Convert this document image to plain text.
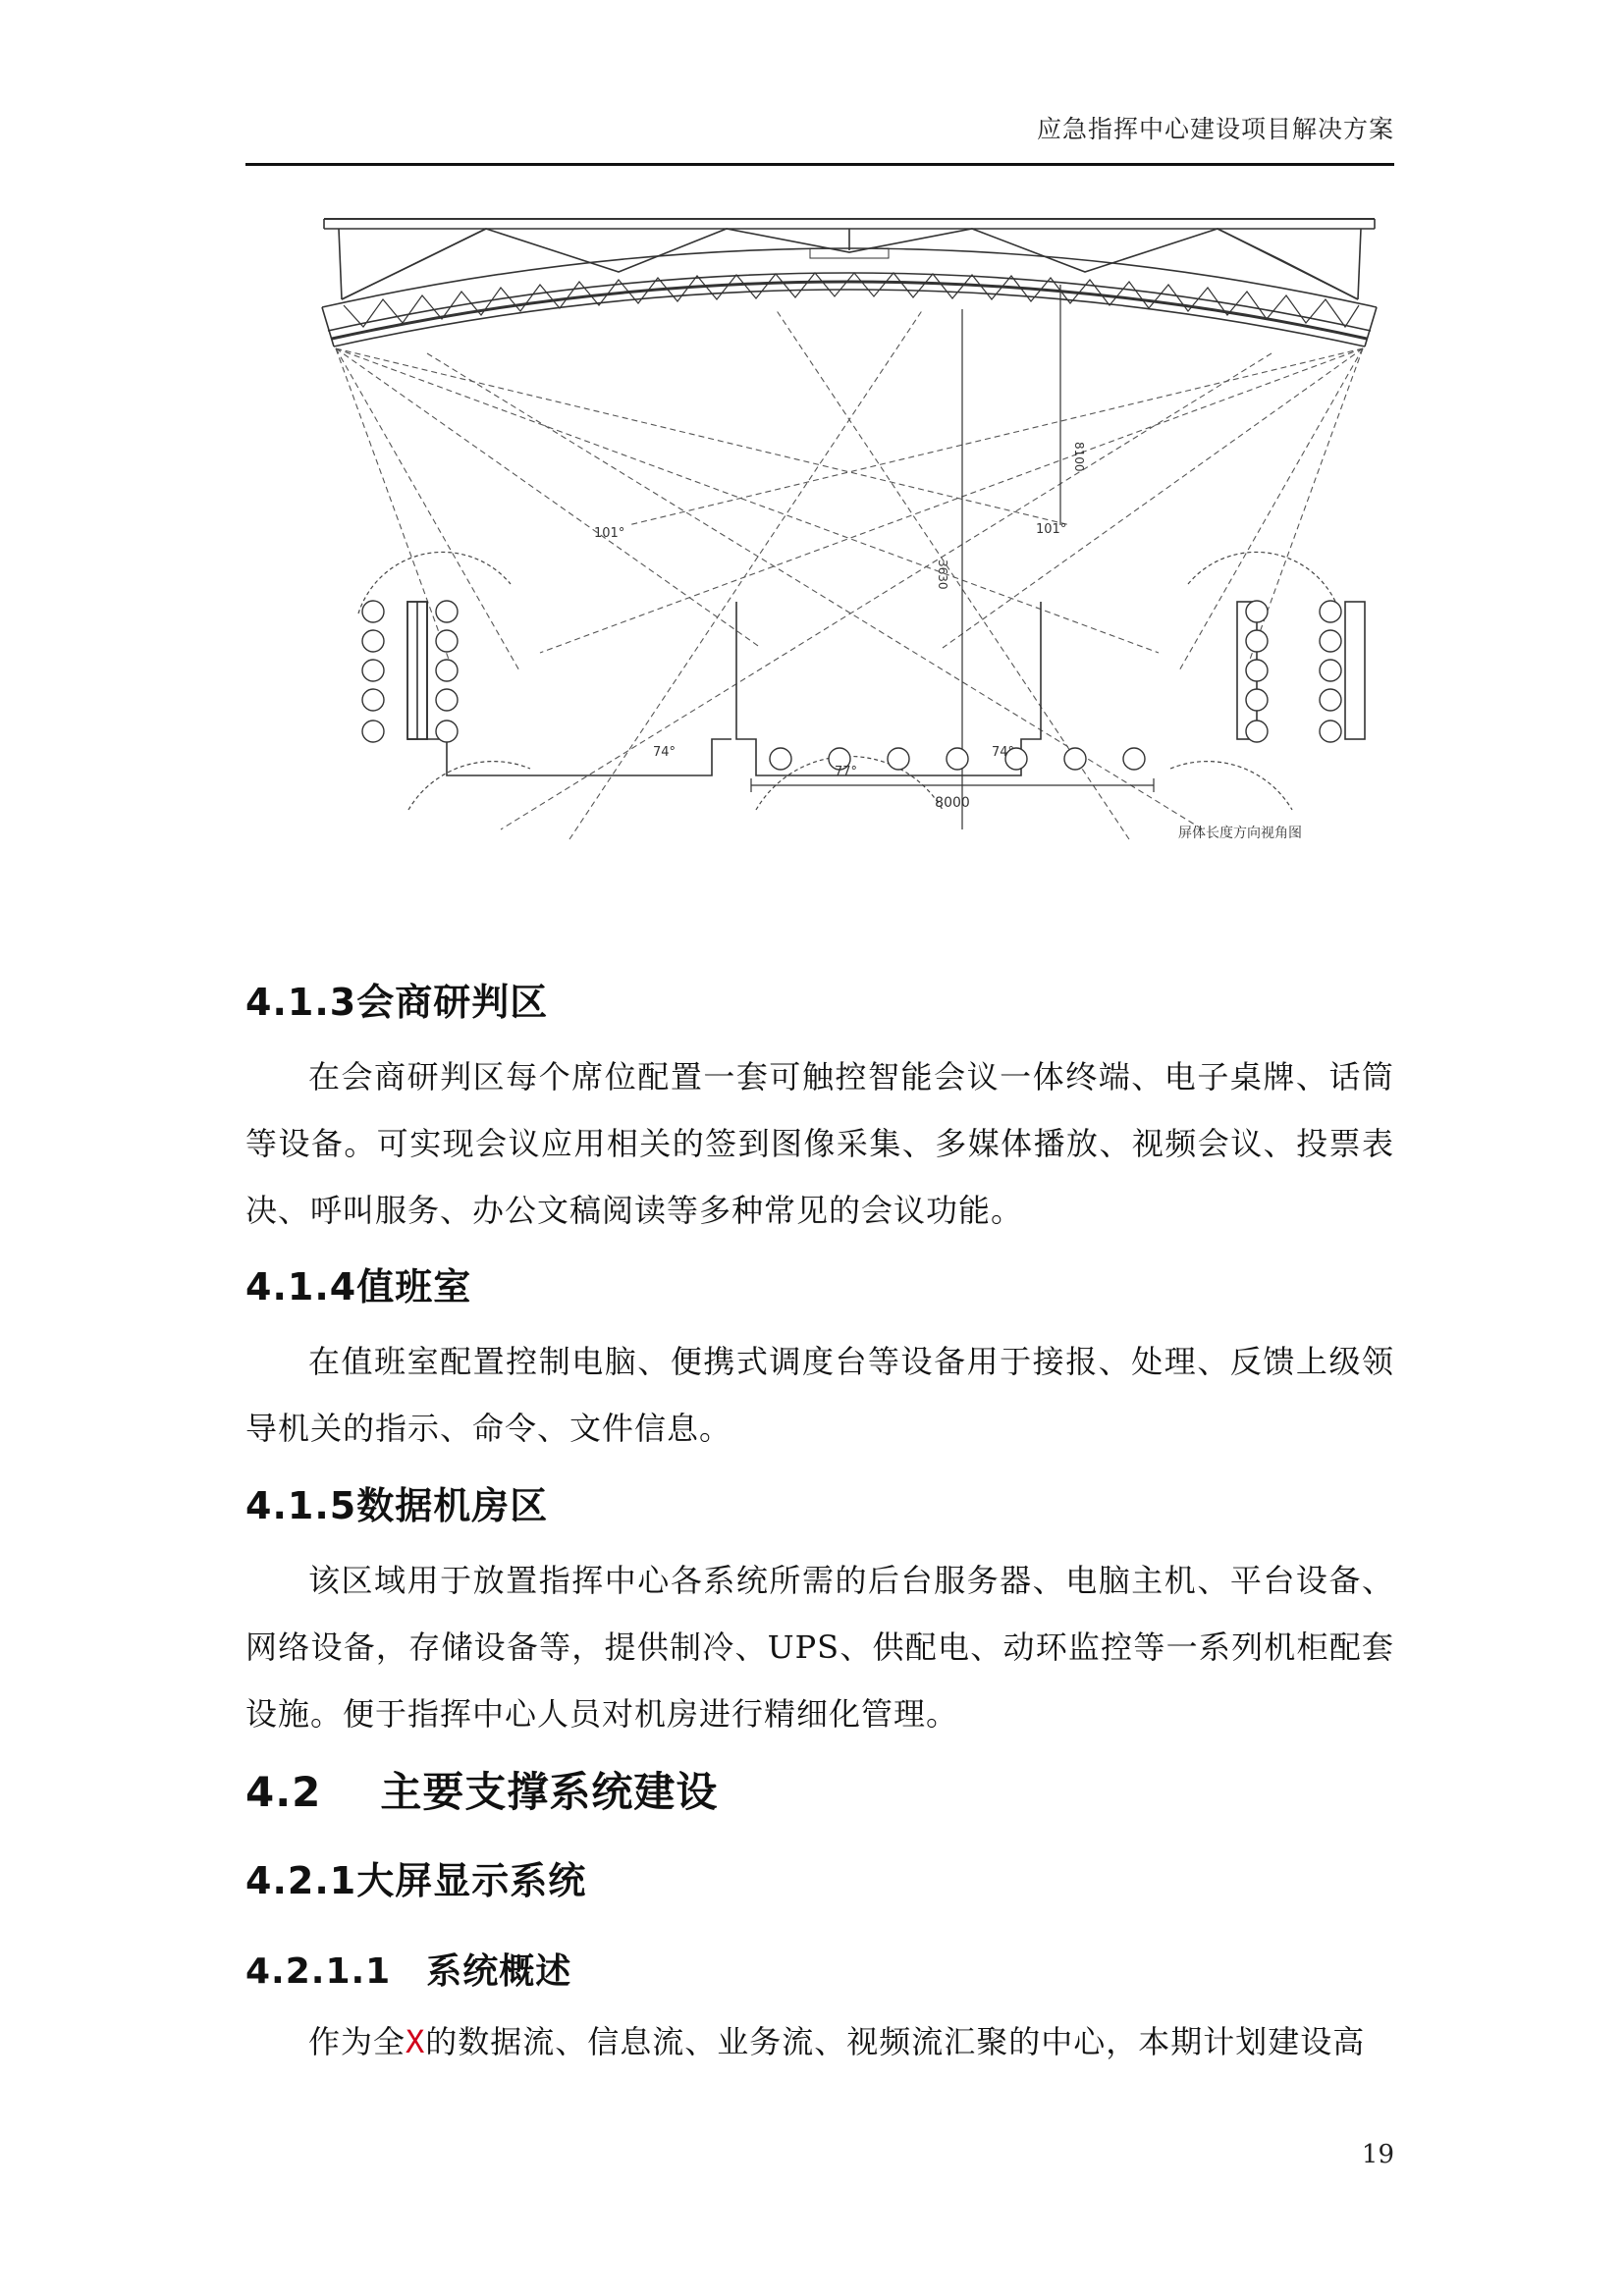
应急指挥中心建设项目解决方案
101°	101°
74°
77°
74°
3630
8100
8000
屏体长度方向视角图
4.1.3会商研判区
在会商研判区每个席位配置一套可触控智能会议一体终端、电子桌牌、话筒等设备。可实现会议应用相关的签到图像采集、多媒体播放、视频会议、投票表决、呼叫服务、办公文稿阅读等多种常见的会议功能。
4.1.4值班室
在值班室配置控制电脑、便携式调度台等设备用于接报、处理、反馈上级领导机关的指示、命令、文件信息。
4.1.5数据机房区
该区域用于放置指挥中心各系统所需的后台服务器、电脑主机、平台设备、网络设备，存储设备等，提供制冷、UPS、供配电、动环监控等一系列机柜配套设施。便于指挥中心人员对机房进行精细化管理。
4.2 主要支撑系统建设
4.2.1大屏显示系统
4.2.1.1 系统概述
作为全X的数据流、信息流、业务流、视频流汇聚的中心，本期计划建设高
19
